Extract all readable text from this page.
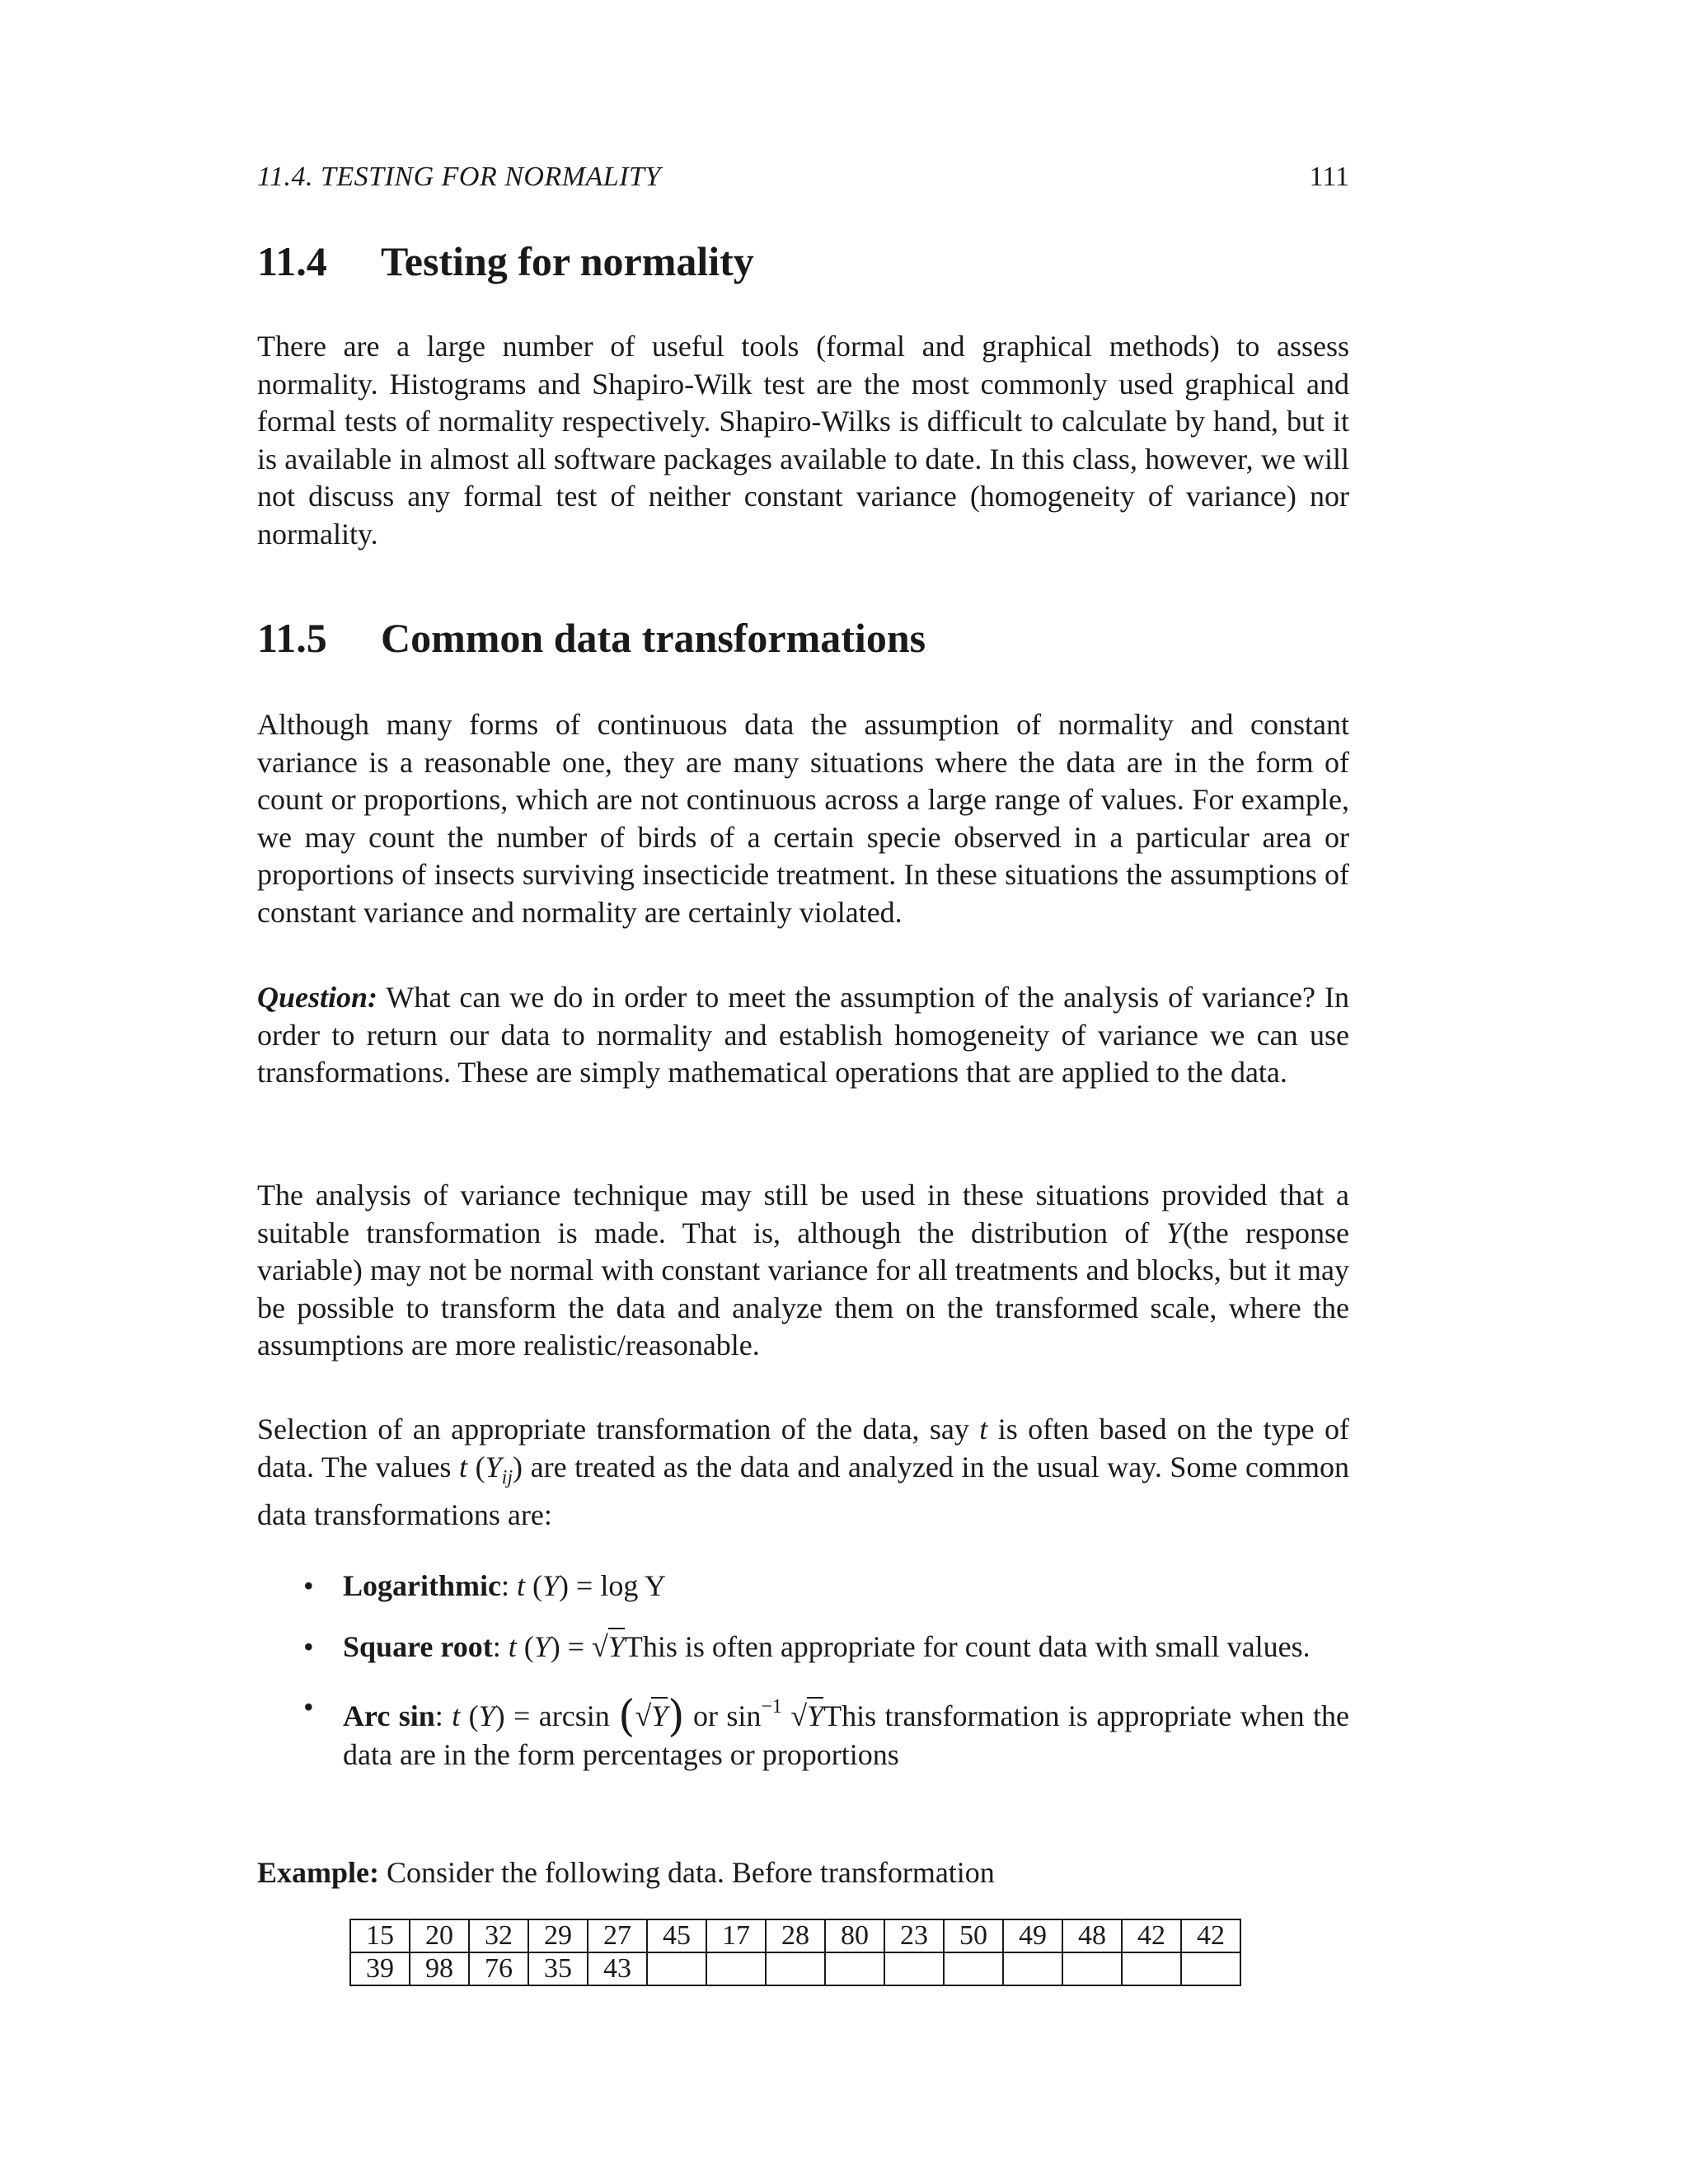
11.4. TESTING FOR NORMALITY	111
11.4 Testing for normality

There are a large number of useful tools (formal and graphical methods) to assess normality. Histograms and Shapiro-Wilk test are the most commonly used graphical and formal tests of normality respectively. Shapiro-Wilks is difficult to calculate by hand, but it is available in almost all software packages available to date. In this class, however, we will not discuss any formal test of neither constant variance (homogeneity of variance) nor normality.

11.5 Common data transformations

Although many forms of continuous data the assumption of normality and constant variance is a reasonable one, they are many situations where the data are in the form of count or proportions, which are not continuous across a large range of values. For example, we may count the number of birds of a certain specie observed in a particular area or proportions of insects surviving insecticide treatment. In these situations the assumptions of constant variance and normality are certainly violated.

Question: What can we do in order to meet the assumption of the analysis of variance? In order to return our data to normality and establish homogeneity of variance we can use transformations. These are simply mathematical operations that are applied to the data.

The analysis of variance technique may still be used in these situations provided that a suitable transformation is made. That is, although the distribution of Y(the response variable) may not be normal with constant variance for all treatments and blocks, but it may be possible to transform the data and analyze them on the transformed scale, where the assumptions are more realistic/reasonable.

Selection of an appropriate transformation of the data, say t is often based on the type of data. The values t $(Y_{ij})$ are treated as the data and analyzed in the usual way. Some common data transformations are:

• Logarithmic: t (Y) = log Y
• Square root: t (Y) = √YThis is often appropriate for count data with small values.
• Arc sin: t (Y) = arcsin (√Y) or $\sin^{-1}$ √YThis transformation is appropriate when the data are in the form percentages or proportions

Example: Consider the following data. Before transformation

15	20	32	29	27	45	17	28	80	23	50	49	48	42	42
39	98	76	35	43										
